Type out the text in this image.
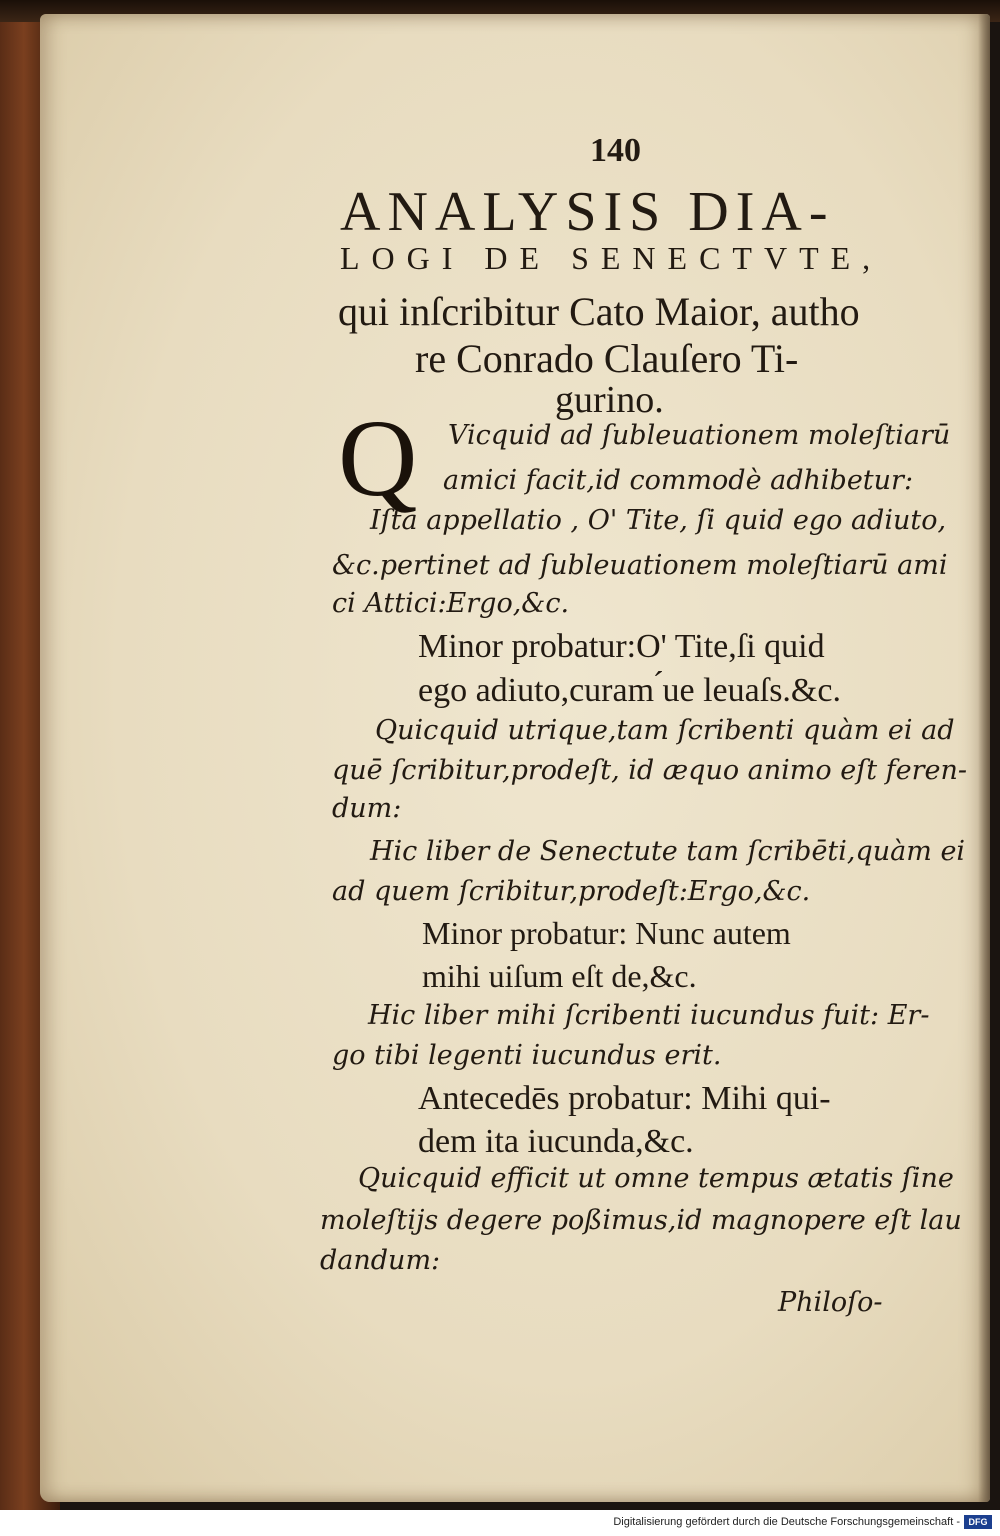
140
ANALYSIS DIA-
LOGI DE SENECTVTE,
qui inſcribitur Cato Maior, autho
re Conrado Clauſero Ti-
gurino.
Q Vicquid ad ſubleuationem moleſtiarū
amici facit,id commodè adhibetur:
Iſta appellatio , O' Tite, ſi quid ego adiuto,
&c.pertinet ad ſubleuationem moleſtiarū ami
ci Attici:Ergo,&c.
Minor probatur:O' Tite,ſi quid
ego adiuto,curam ́ue leuaſs.&c.
Quicquid utrique,tam ſcribenti quàm ei ad
quē ſcribitur,prodeſt, id æquo animo eſt feren-
dum:
Hic liber de Senectute tam ſcribēti,quàm ei
ad quem ſcribitur,prodeſt:Ergo,&c.
Minor probatur: Nunc autem
mihi uiſum eſt de,&c.
Hic liber mihi ſcribenti iucundus fuit: Er-
go tibi legenti iucundus erit.
Antecedēs probatur: Mihi qui-
dem ita iucunda,&c.
Quicquid efficit ut omne tempus ætatis ſine
moleſtijs degere poßimus,id magnopere eſt lau
dandum:
Philoſo-
Digitalisierung gefördert durch die Deutsche Forschungsgemeinschaft - DFG
